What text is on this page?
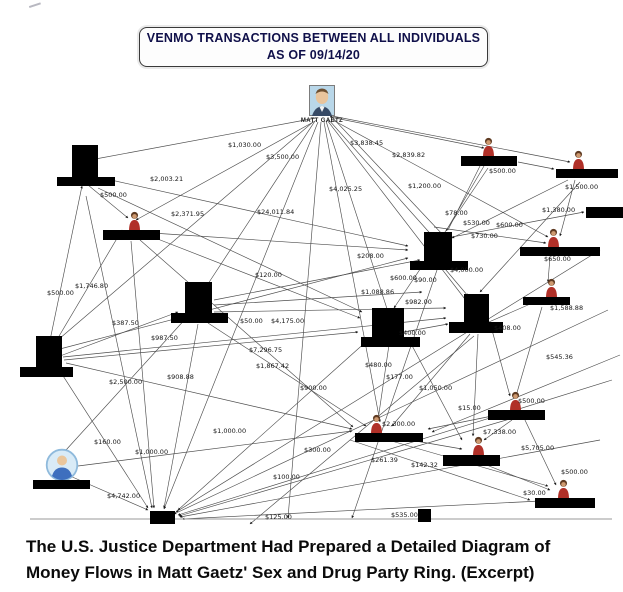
VENMO TRANSACTIONS BETWEEN ALL INDIVIDUALS
AS OF 09/14/20
MATT GAETZ
$1,030.00
$3,500.00
$3,838.45
$2,839.82
$2,003.21
$500.00
$1,200.00
$2,371.95
$4,025.25
$24,011.84
$500.00
$1,500.00
$78.00
$530.00 $600.00
$730.00
$1,380.00
$208.00	$650.00
$600.00
$90.00
$1,088.86
$982.00
$4,000.00
$120.00
$1,746.80
$500.00
$1,588.88
$387.50
$987.50
$50.00 $4,175.00
$7,296.75
$1,867.42
$408.00
$400.00
$2,500.00
$908.88
$480.00
$177.00
$1,050.00
$545.36
$900.00
$15.00
$500.00
$2,300.00
$7,338.00
$5,705.00
$160.00
$1,000.00
$1,000.00
$261.39
$142.32
$300.00
$100.00
$4,742.00
$535.00
$125.00
$30.00
$500.00
The U.S. Justice Department Had Prepared a Detailed Diagram of
Money Flows in Matt Gaetz' Sex and Drug Party Ring. (Excerpt)
